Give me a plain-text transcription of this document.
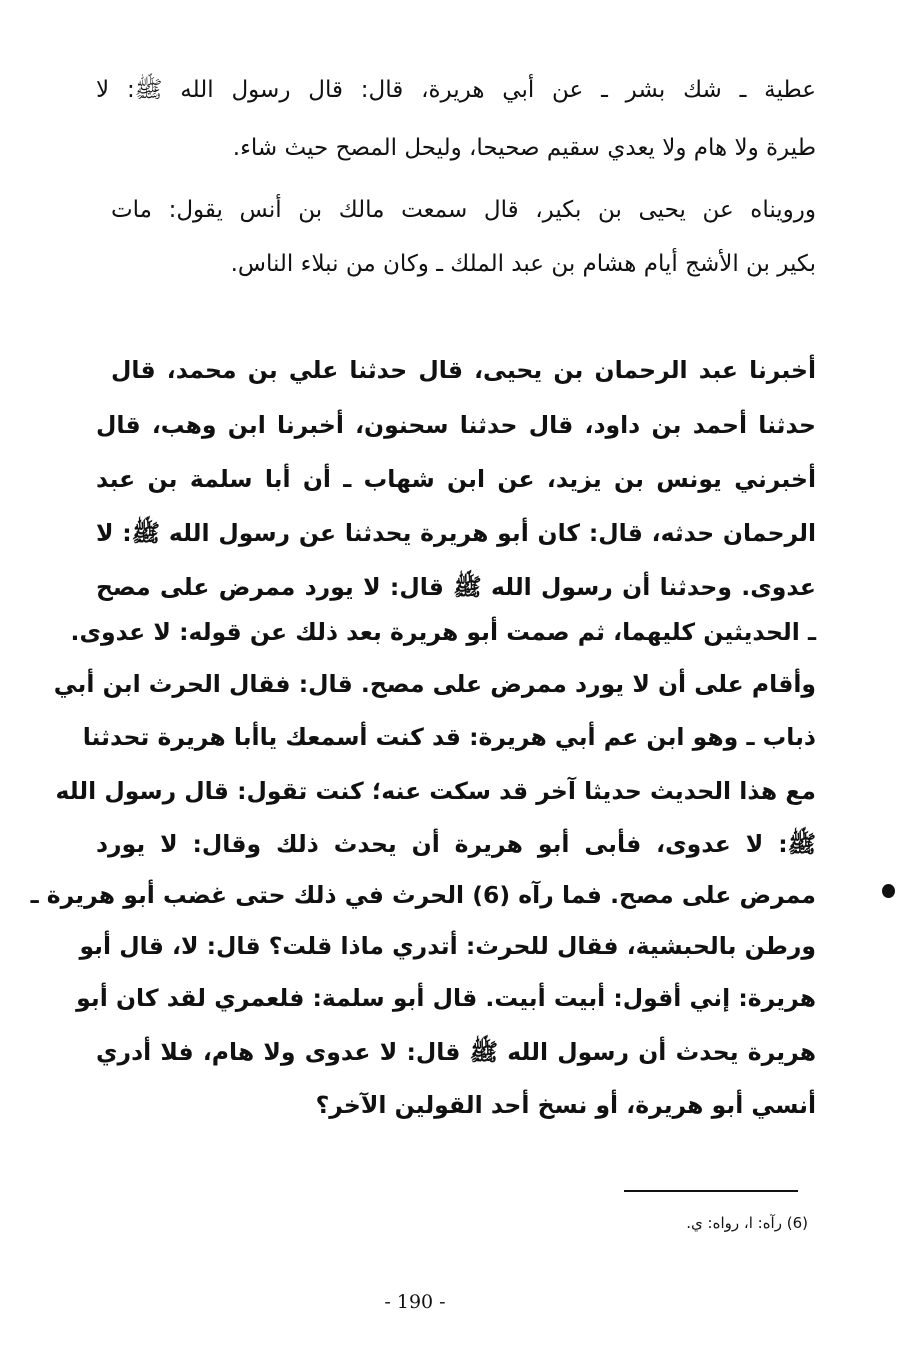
عطية ـ شك بشر ـ عن أبي هريرة، قال: قال رسول الله ﷺ: لا
طيرة ولا هام ولا يعدي سقيم صحيحا، وليحل المصح حيث شاء.
ورويناه عن يحيى بن بكير، قال سمعت مالك بن أنس يقول: مات
بكير بن الأشج أيام هشام بن عبد الملك ـ وكان من نبلاء الناس.
أخبرنا عبد الرحمان بن يحيى، قال حدثنا علي بن محمد، قال
حدثنا أحمد بن داود، قال حدثنا سحنون، أخبرنا ابن وهب، قال
أخبرني يونس بن يزيد، عن ابن شهاب ـ أن أبا سلمة بن عبد
الرحمان حدثه، قال: كان أبو هريرة يحدثنا عن رسول الله ﷺ: لا
عدوى. وحدثنا أن رسول الله ﷺ قال: لا يورد ممرض على مصح
ـ الحديثين كليهما، ثم صمت أبو هريرة بعد ذلك عن قوله: لا عدوى.
وأقام على أن لا يورد ممرض على مصح. قال: فقال الحرث ابن أبي
ذباب ـ وهو ابن عم أبي هريرة: قد كنت أسمعك ياأبا هريرة تحدثنا
مع هذا الحديث حديثا آخر قد سكت عنه؛ كنت تقول: قال رسول الله
ﷺ: لا عدوى، فأبى أبو هريرة أن يحدث ذلك وقال: لا يورد
ممرض على مصح. فما رآه (6) الحرث في ذلك حتى غضب أبو هريرة ـ
ورطن بالحبشية، فقال للحرث: أتدري ماذا قلت؟ قال: لا، قال أبو
هريرة: إني أقول: أبيت أبيت. قال أبو سلمة: فلعمري لقد كان أبو
هريرة يحدث أن رسول الله ﷺ قال: لا عدوى ولا هام، فلا أدري
أنسي أبو هريرة، أو نسخ أحد القولين الآخر؟
(6) رآه: ا، رواه: ي.
- 190 -
